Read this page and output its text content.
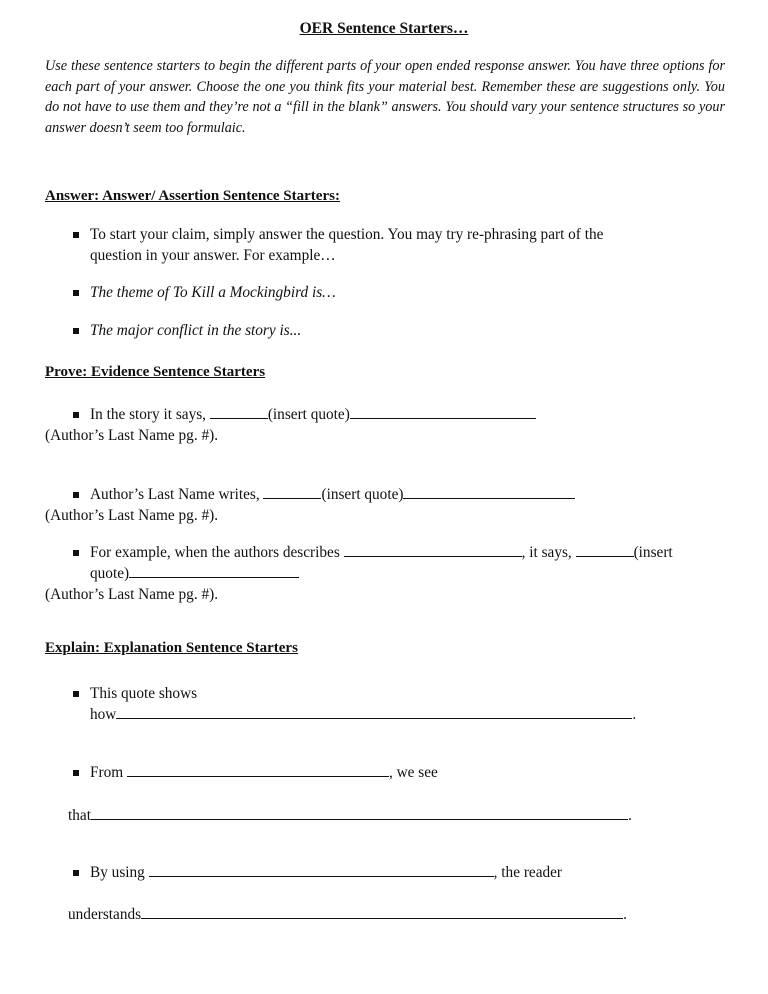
OER Sentence Starters…
Use these sentence starters to begin the different parts of your open ended response answer. You have three options for each part of your answer. Choose the one you think fits your material best. Remember these are suggestions only. You do not have to use them and they’re not a “fill in the blank” answers. You should vary your sentence structures so your answer doesn’t seem too formulaic.
Answer: Answer/ Assertion Sentence Starters:
To start your claim, simply answer the question. You may try re-phrasing part of the
question in your answer. For example…
The theme of To Kill a Mockingbird is…
The major conflict in the story is...
Prove: Evidence Sentence Starters
In the story it says,	(insert quote)
(Author’s Last Name pg. #).
Author’s Last Name writes,	(insert quote)
(Author’s Last Name pg. #).
For example, when the authors describes	, it says,	(insert
quote)
(Author’s Last Name pg. #).
Explain: Explanation Sentence Starters
This quote shows
how	.
From	, we see
that	.
By using	, the reader
understands	.
